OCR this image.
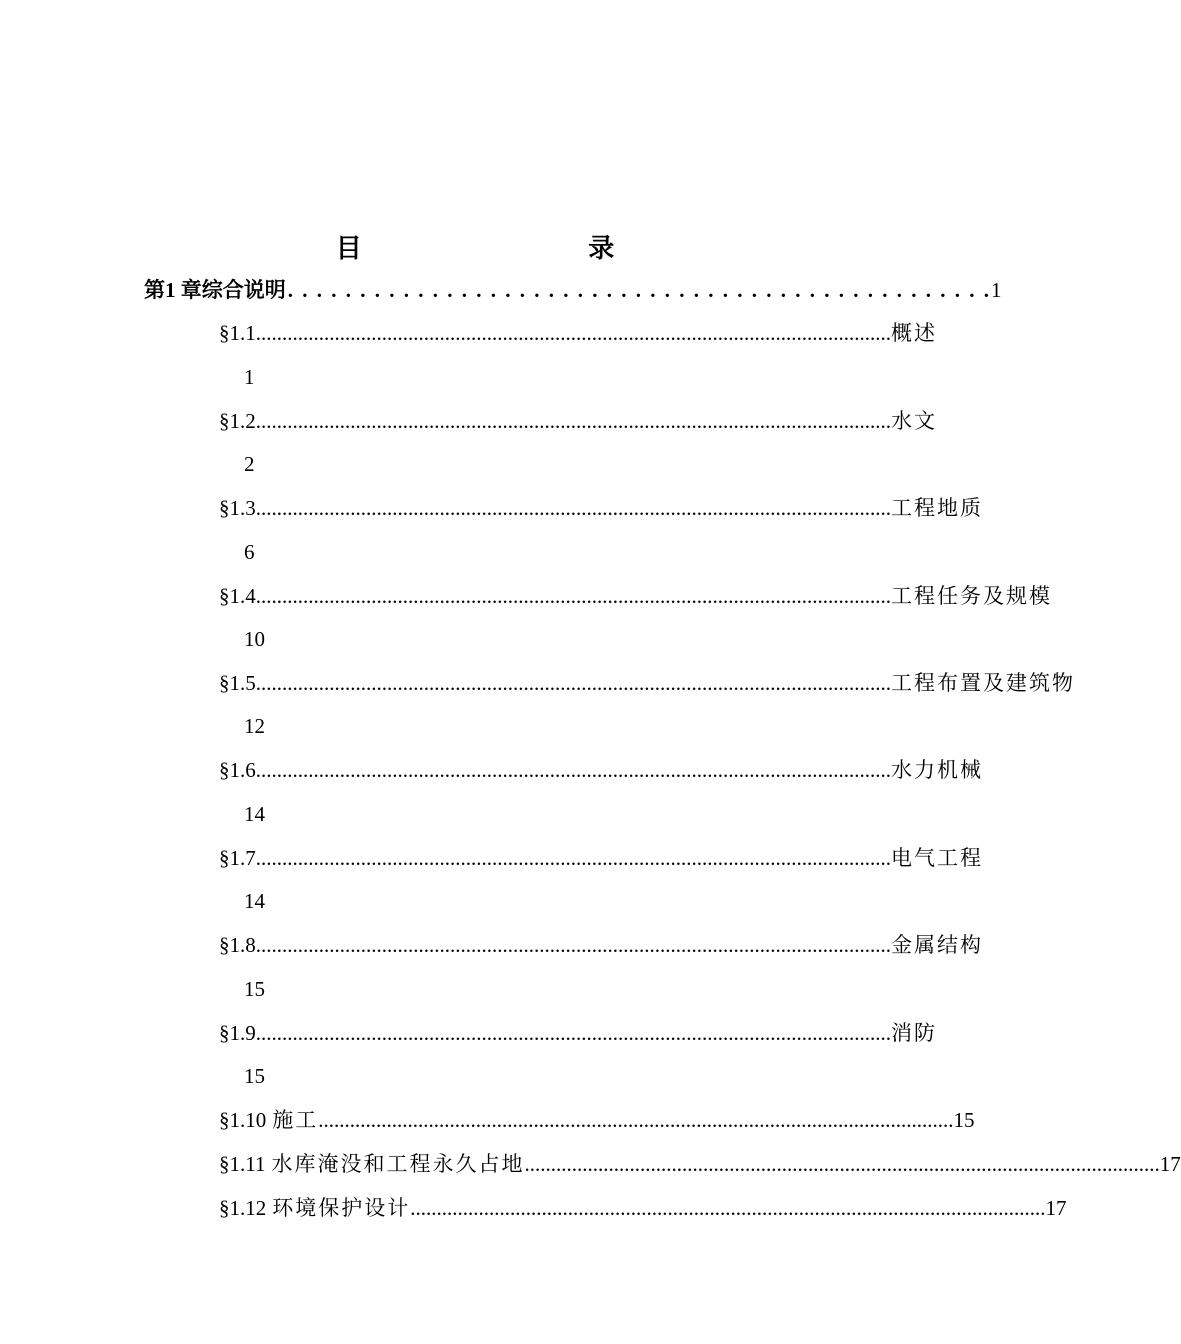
目 录
第1 章 综合说明 . . . . . . . . . . . . . . . . . . . . . . . . . . . . . . . . . . . . . . . . . . . . . . . . . 1
§1.1 ......................................................................................................................... 概 述
1
§1.2 ......................................................................................................................... 水 文
2
§1.3 ......................................................................................................................... 工程地质
6
§1.4 ......................................................................................................................... 工程任务及规模
10
§1.5 ......................................................................................................................... 工程布置及建筑物
12
§1.6 ......................................................................................................................... 水力机械
14
§1.7 ......................................................................................................................... 电气工程
14
§1.8 ......................................................................................................................... 金属结构
15
§1.9 ......................................................................................................................... 消 防
15
§1.10 施 工 ......................................................................................................................... 15
§1.11 水库淹没和工程永久占地 ......................................................................................................................... 17
§1.12 环境保护设计 ......................................................................................................................... 17
